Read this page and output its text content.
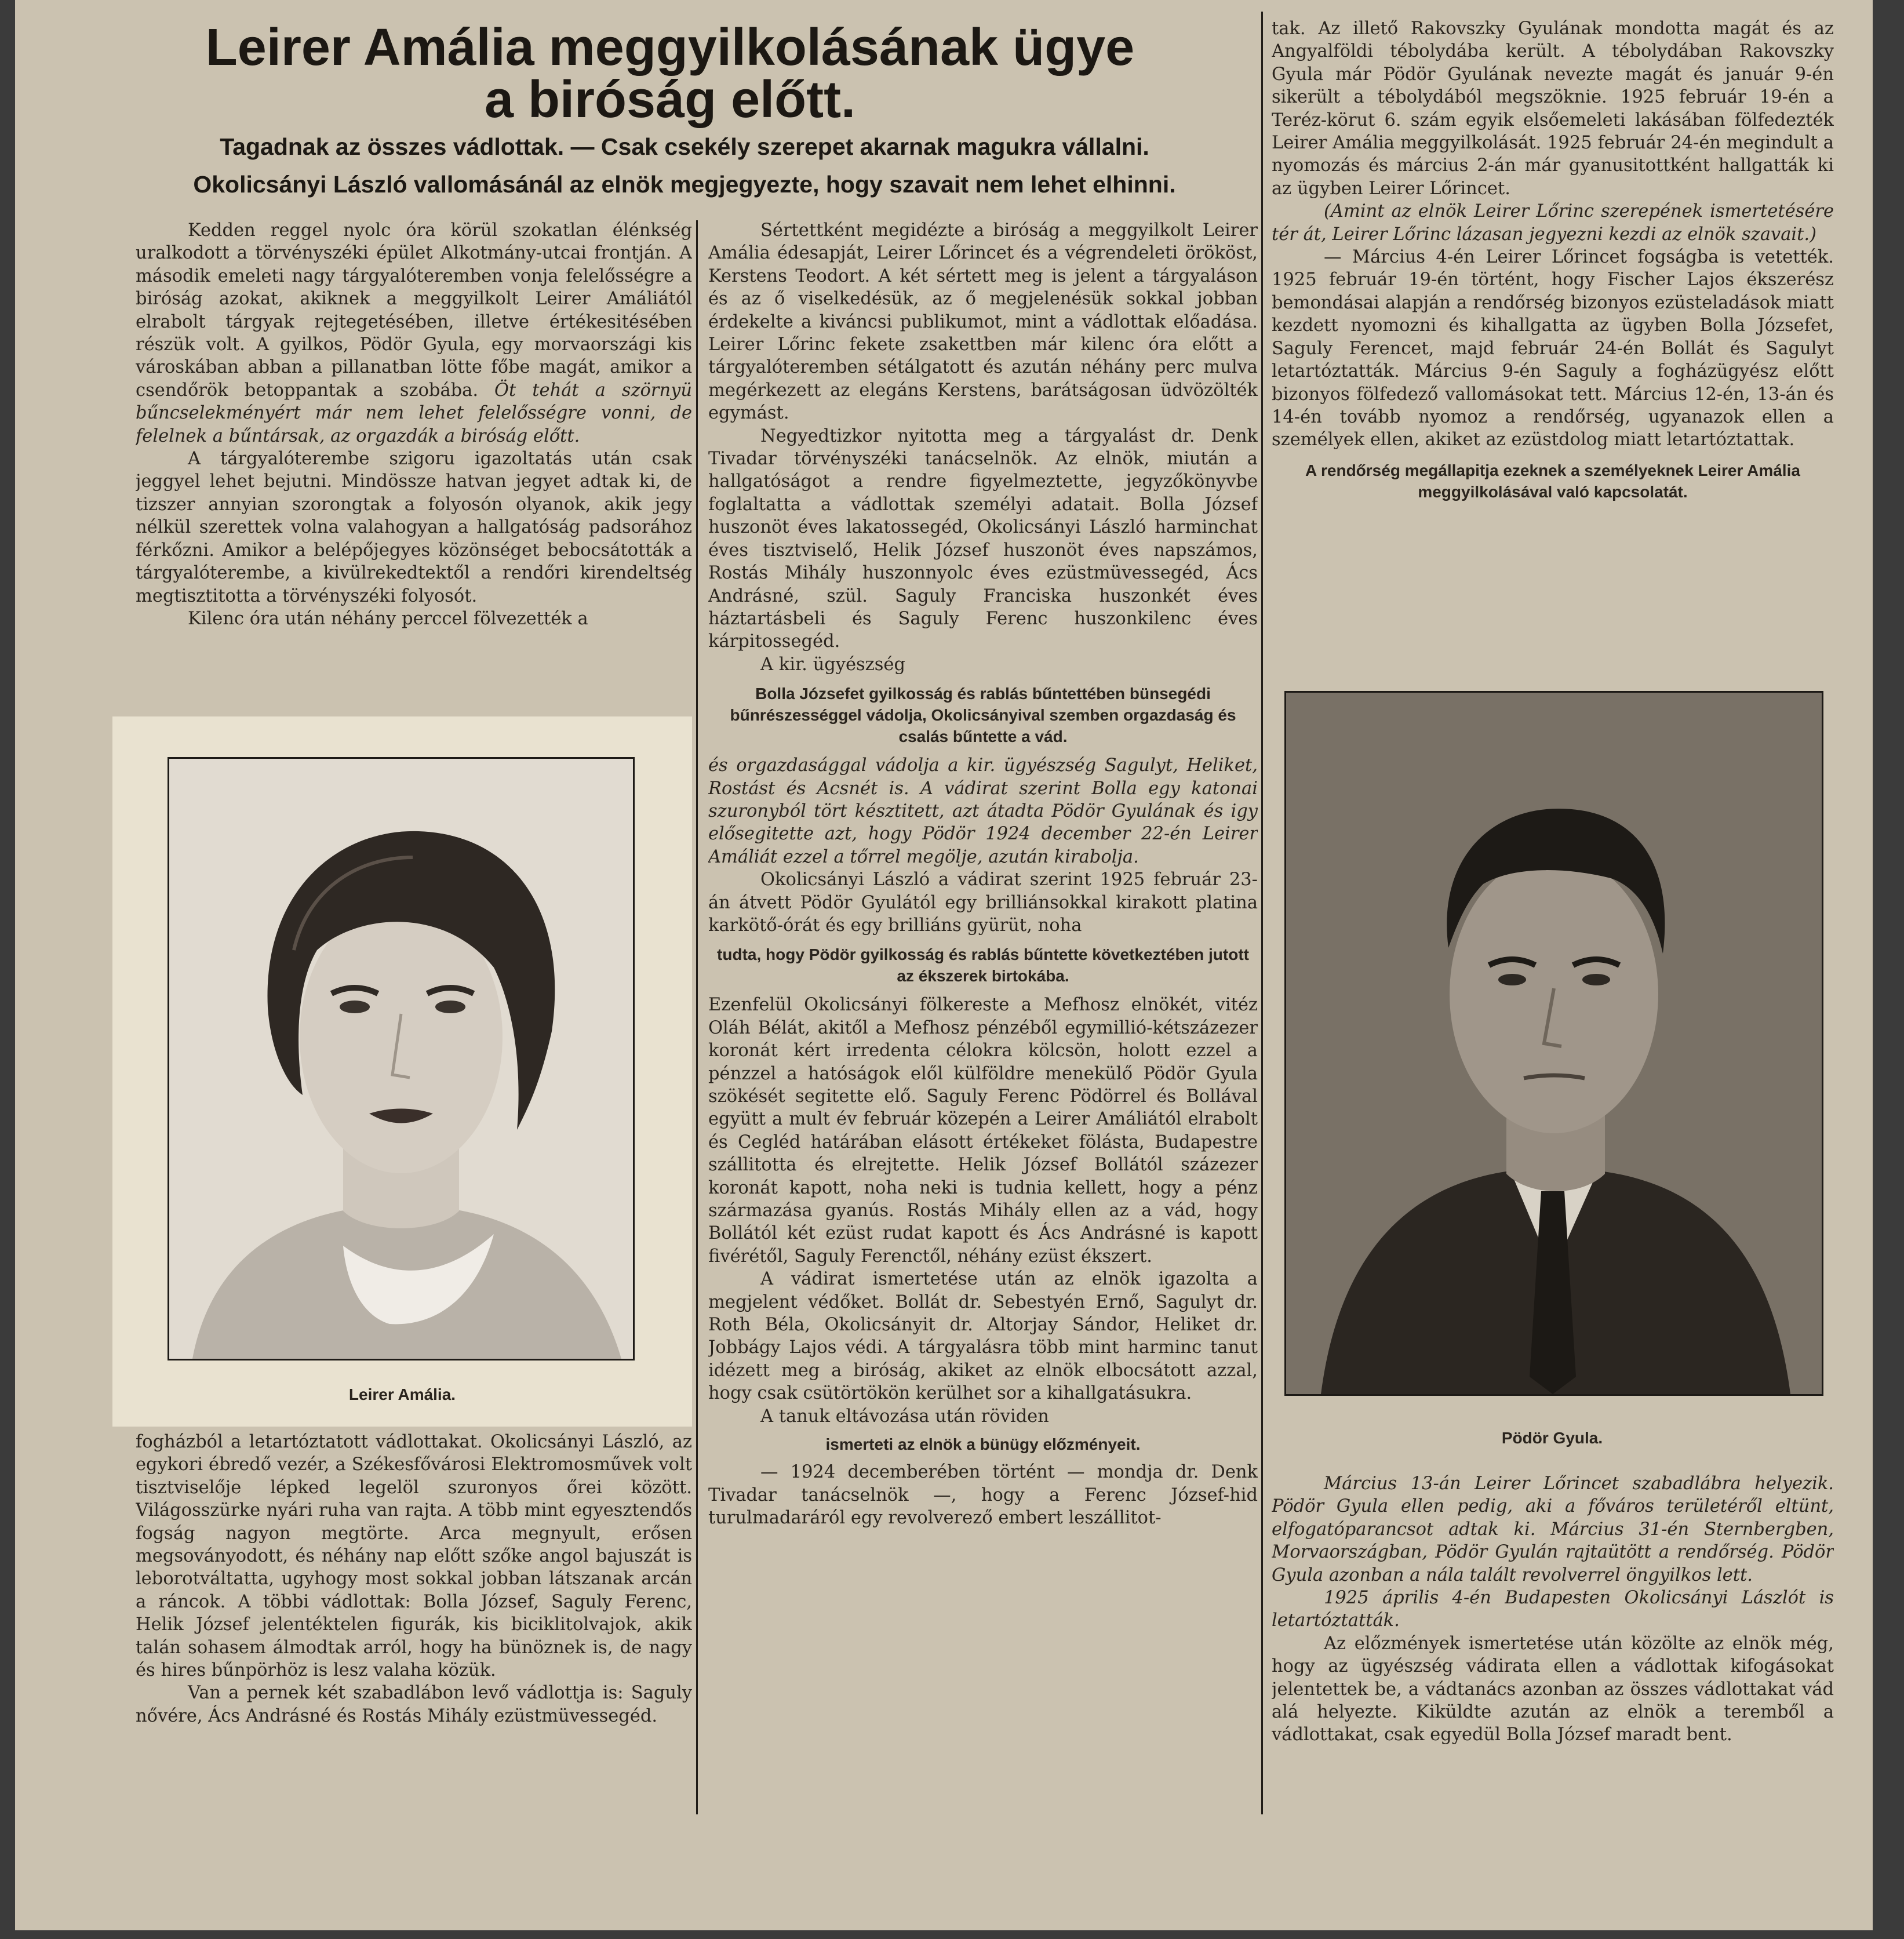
Leirer Amália meggyilkolásának ügye
a biróság előtt.
Tagadnak az összes vádlottak. — Csak csekély szerepet akarnak magukra vállalni.
Okolicsányi László vallomásánál az elnök megjegyezte, hogy szavait nem lehet elhinni.

Kedden reggel nyolc óra körül szokatlan élénkség uralkodott a törvényszéki épület Alkotmány-utcai frontján. A második emeleti nagy tárgyalóteremben vonja felelősségre a biróság azokat, akiknek a meggyilkolt Leirer Amáliától elrabolt tárgyak rejtegetésében, illetve értékesitésében részük volt. A gyilkos, Pödör Gyula, egy morvaországi kis városkában abban a pillanatban lötte főbe magát, amikor a csendőrök betoppantak a szobába. Öt tehát a szörnyü bűncselekményért már nem lehet felelősségre vonni, de felelnek a bűntársak, az orgazdák a biróság előtt.

A tárgyalóterembe szigoru igazoltatás után csak jeggyel lehet bejutni. Mindössze hatvan jegyet adtak ki, de tizszer annyian szorongtak a folyosón olyanok, akik jegy nélkül szerettek volna valahogyan a hallgatóság padsorához férkőzni. Amikor a belépőjegyes közönséget bebocsátották a tárgyalóterembe, a kivülrekedtektől a rendőri kirendeltség megtisztitotta a törvényszéki folyosót.

Kilenc óra után néhány perccel fölvezették a

Leirer Amália.

fogházból a letartóztatott vádlottakat. Okolicsányi László, az egykori ébredő vezér, a Székesfővárosi Elektromosművek volt tisztviselője lépked legelöl szuronyos őrei között. Világosszürke nyári ruha van rajta. A több mint egyesztendős fogság nagyon megtörte. Arca megnyult, erősen megsoványodott, és néhány nap előtt szőke angol bajuszát is leborotváltatta, ugyhogy most sokkal jobban látszanak arcán a ráncok. A többi vádlottak: Bolla József, Saguly Ferenc, Helik József jelentéktelen figurák, kis biciklitolvajok, akik talán sohasem álmodtak arról, hogy ha bünöznek is, de nagy és hires bűnpörhöz is lesz valaha közük.

Van a pernek két szabadlábon levő vádlottja is: Saguly nővére, Ács Andrásné és Rostás Mihály ezüstmüvessegéd.

Sértettként megidézte a biróság a meggyilkolt Leirer Amália édesapját, Leirer Lőrincet és a végrendeleti örököst, Kerstens Teodort. A két sértett meg is jelent a tárgyaláson és az ő viselkedésük, az ő megjelenésük sokkal jobban érdekelte a kiváncsi publikumot, mint a vádlottak előadása. Leirer Lőrinc fekete zsakettben már kilenc óra előtt a tárgyalóteremben sétálgatott és azután néhány perc mulva megérkezett az elegáns Kerstens, barátságosan üdvözölték egymást.

Negyedtizkor nyitotta meg a tárgyalást dr. Denk Tivadar törvényszéki tanácselnök. Az elnök, miután a hallgatóságot a rendre figyelmeztette, jegyzőkönyvbe foglaltatta a vádlottak személyi adatait. Bolla József huszonöt éves lakatossegéd, Okolicsányi László harminchat éves tisztviselő, Helik József huszonöt éves napszámos, Rostás Mihály huszonnyolc éves ezüstmüvessegéd, Ács Andrásné, szül. Saguly Franciska huszonkét éves háztartásbeli és Saguly Ferenc huszonkilenc éves kárpitossegéd.

A kir. ügyészség

Bolla Józsefet gyilkosság és rablás bűntettében bünsegédi bűnrészességgel vádolja, Okolicsányival szemben orgazdaság és csalás bűntette a vád.

és orgazdasággal vádolja a kir. ügyészség Sagulyt, Heliket, Rostást és Acsnét is. A vádirat szerint Bolla egy katonai szuronyból tört késztitett, azt átadta Pödör Gyulának és igy elősegitette azt, hogy Pödör 1924 december 22-én Leirer Amáliát ezzel a tőrrel megölje, azután kirabolja.

Okolicsányi László a vádirat szerint 1925 február 23-án átvett Pödör Gyulától egy brilliánsokkal kirakott platina karkötő-órát és egy brilliáns gyürüt, noha

tudta, hogy Pödör gyilkosság és rablás bűntette következtében jutott az ékszerek birtokába.

Ezenfelül Okolicsányi fölkereste a Mefhosz elnökét, vitéz Oláh Bélát, akitől a Mefhosz pénzéből egymillió-kétszázezer koronát kért irredenta célokra kölcsön, holott ezzel a pénzzel a hatóságok elől külföldre menekülő Pödör Gyula szökését segitette elő. Saguly Ferenc Pödörrel és Bollával együtt a mult év február közepén a Leirer Amáliától elrabolt és Cegléd határában elásott értékeket fölásta, Budapestre szállitotta és elrejtette. Helik József Bollától százezer koronát kapott, noha neki is tudnia kellett, hogy a pénz származása gyanús. Rostás Mihály ellen az a vád, hogy Bollától két ezüst rudat kapott és Ács Andrásné is kapott fivérétől, Saguly Ferenctől, néhány ezüst ékszert.

A vádirat ismertetése után az elnök igazolta a megjelent védőket. Bollát dr. Sebestyén Ernő, Sagulyt dr. Roth Béla, Okolicsányit dr. Altorjay Sándor, Heliket dr. Jobbágy Lajos védi. A tárgyalásra több mint harminc tanut idézett meg a biróság, akiket az elnök elbocsátott azzal, hogy csak csütörtökön kerülhet sor a kihallgatásukra.

A tanuk eltávozása után röviden

ismerteti az elnök a bünügy előzményeit.

— 1924 decemberében történt — mondja dr. Denk Tivadar tanácselnök —, hogy a Ferenc József-hid turulmadaráról egy revolverező embert leszállitot-

tak. Az illető Rakovszky Gyulának mondotta magát és az Angyalföldi tébolydába került. A tébolydában Rakovszky Gyula már Pödör Gyulának nevezte magát és január 9-én sikerült a tébolydából megszöknie. 1925 február 19-én a Teréz-körut 6. szám egyik elsőemeleti lakásában fölfedezték Leirer Amália meggyilkolását. 1925 február 24-én megindult a nyomozás és március 2-án már gyanusitottként hallgatták ki az ügyben Leirer Lőrincet.

(Amint az elnök Leirer Lőrinc szerepének ismertetésére tér át, Leirer Lőrinc lázasan jegyezni kezdi az elnök szavait.)

— Március 4-én Leirer Lőrincet fogságba is vetették. 1925 február 19-én történt, hogy Fischer Lajos ékszerész bemondásai alapján a rendőrség bizonyos ezüsteladások miatt kezdett nyomozni és kihallgatta az ügyben Bolla Józsefet, Saguly Ferencet, majd február 24-én Bollát és Sagulyt letartóztatták. Március 9-én Saguly a fogházügyész előtt bizonyos fölfedező vallomásokat tett. Március 12-én, 13-án és 14-én tovább nyomoz a rendőrség, ugyanazok ellen a személyek ellen, akiket az ezüstdolog miatt letartóztattak.

A rendőrség megállapitja ezeknek a személyeknek Leirer Amália meggyilkolásával való kapcsolatát.

Pödör Gyula.

Március 13-án Leirer Lőrincet szabadlábra helyezik. Pödör Gyula ellen pedig, aki a főváros területéről eltünt, elfogatóparancsot adtak ki. Március 31-én Sternbergben, Morvaországban, Pödör Gyulán rajtaütött a rendőrség. Pödör Gyula azonban a nála talált revolverrel öngyilkos lett.

1925 április 4-én Budapesten Okolicsányi Lászlót is letartóztatták.

Az előzmények ismertetése után közölte az elnök még, hogy az ügyészség vádirata ellen a vádlottak kifogásokat jelentettek be, a vádtanács azonban az összes vádlottakat vád alá helyezte. Kiküldte azután az elnök a teremből a vádlottakat, csak egyedül Bolla József maradt bent.
